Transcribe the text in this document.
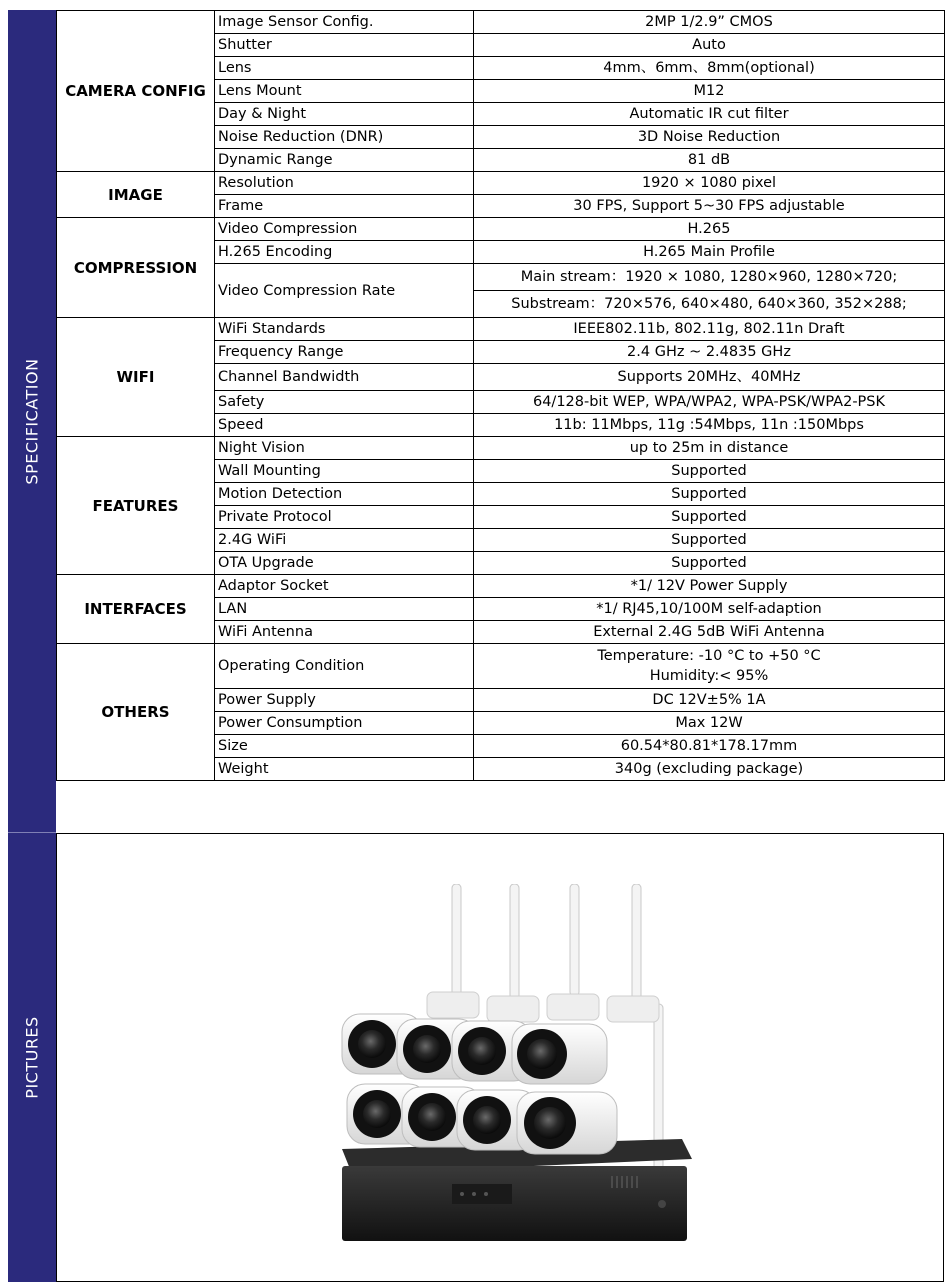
SPECIFICATION
PICTURES
CAMERA CONFIG	Image Sensor Config.	2MP 1/2.9” CMOS
	Shutter	Auto
	Lens	4mm、6mm、8mm(optional)
	Lens Mount	M12
	Day & Night	Automatic IR cut filter
	Noise Reduction (DNR)	3D Noise Reduction
	Dynamic Range	81 dB
IMAGE	Resolution	1920 × 1080 pixel
	Frame	30 FPS, Support 5~30 FPS adjustable
COMPRESSION	Video Compression	H.265
	H.265 Encoding	H.265 Main Profile
	Video Compression Rate	Main stream：1920 × 1080, 1280×960, 1280×720;
		Substream：720×576, 640×480, 640×360, 352×288;
WIFI	WiFi Standards	IEEE802.11b, 802.11g, 802.11n Draft
	Frequency Range	2.4 GHz ~ 2.4835 GHz
	Channel Bandwidth	Supports 20MHz、40MHz
	Safety	64/128-bit WEP, WPA/WPA2, WPA-PSK/WPA2-PSK
	Speed	11b: 11Mbps, 11g :54Mbps, 11n :150Mbps
FEATURES	Night Vision	up to 25m in distance
	Wall Mounting	Supported
	Motion Detection	Supported
	Private Protocol	Supported
	2.4G WiFi	Supported
	OTA Upgrade	Supported
INTERFACES	Adaptor Socket	*1/ 12V Power Supply
	LAN	*1/ RJ45,10/100M self-adaption
	WiFi Antenna	External 2.4G 5dB WiFi Antenna
OTHERS	Operating Condition	Temperature: -10 °C to +50 °C
Humidity:< 95%

	Power Supply	DC 12V±5% 1A
	Power Consumption	Max 12W
	Size	60.54*80.81*178.17mm
	Weight	340g (excluding package)
